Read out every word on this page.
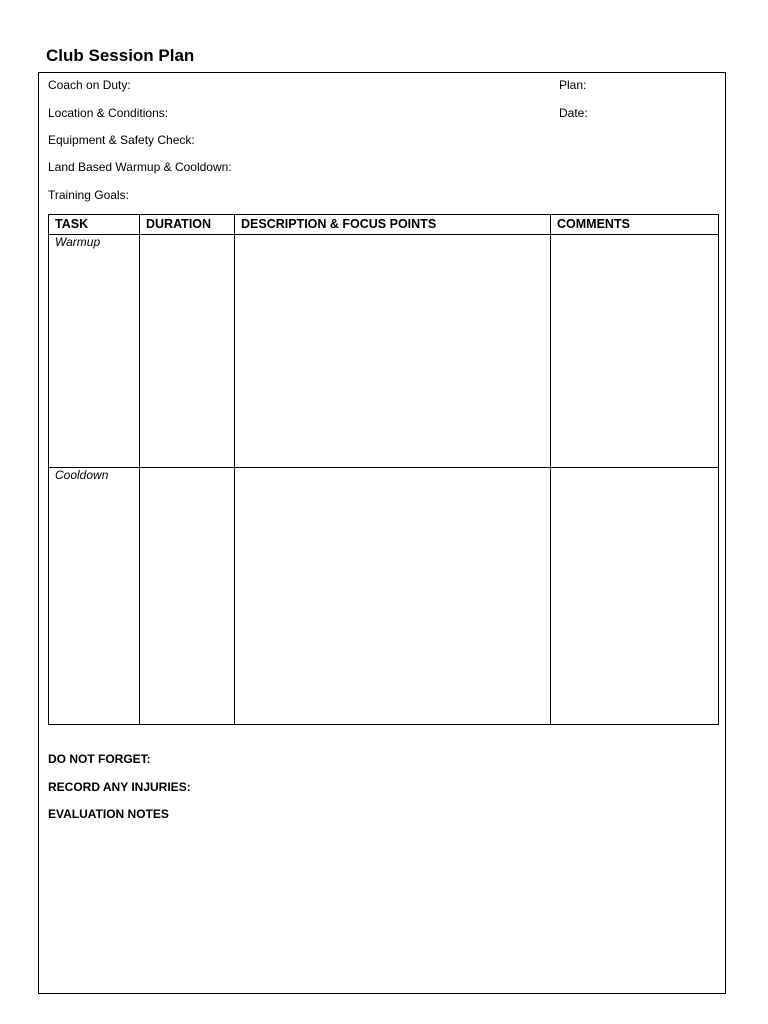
Club Session Plan
Coach on Duty:	Plan:
Location & Conditions:	Date:
Equipment & Safety Check:
Land Based Warmup & Cooldown:
Training Goals:
TASK	DURATION	DESCRIPTION & FOCUS POINTS	COMMENTS
Warmup			
Cooldown			
DO NOT FORGET:
RECORD ANY INJURIES:
EVALUATION NOTES
